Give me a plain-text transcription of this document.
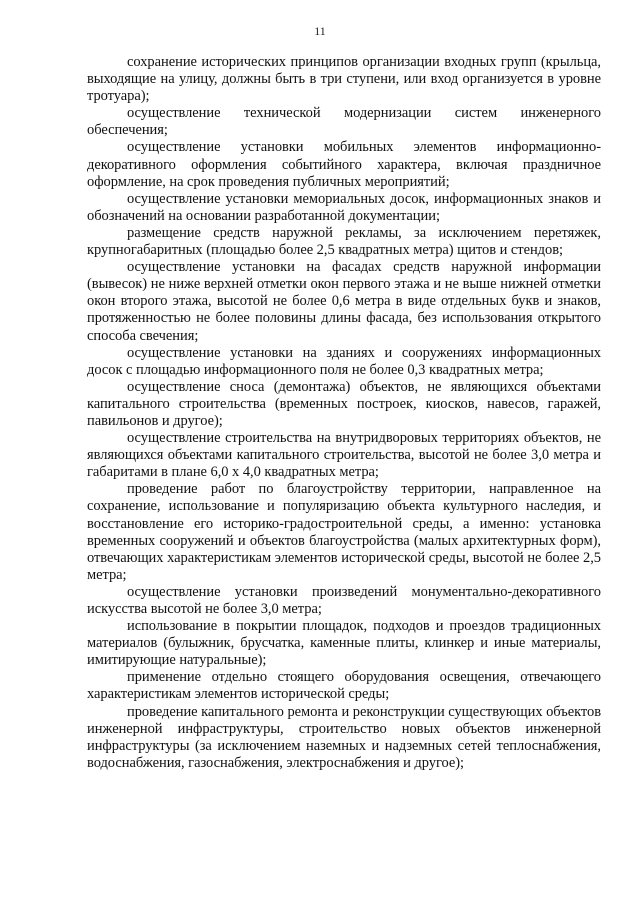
11

сохранение исторических принципов организации входных групп (крыльца, выходящие на улицу, должны быть в три ступени, или вход организуется в уровне тротуара);

осуществление технической модернизации систем инженерного обеспечения;

осуществление установки мобильных элементов информационно-декоративного оформления событийного характера, включая праздничное оформление, на срок проведения публичных мероприятий;

осуществление установки мемориальных досок, информационных знаков и обозначений на основании разработанной документации;

размещение средств наружной рекламы, за исключением перетяжек, крупногабаритных (площадью более 2,5 квадратных метра) щитов и стендов;

осуществление установки на фасадах средств наружной информации (вывесок) не ниже верхней отметки окон первого этажа и не выше нижней отметки окон второго этажа, высотой не более 0,6 метра в виде отдельных букв и знаков, протяженностью не более половины длины фасада, без использования открытого способа свечения;

осуществление установки на зданиях и сооружениях информационных досок с площадью информационного поля не более 0,3 квадратных метра;

осуществление сноса (демонтажа) объектов, не являющихся объектами капитального строительства (временных построек, киосков, навесов, гаражей, павильонов и другое);

осуществление строительства на внутридворовых территориях объектов, не являющихся объектами капитального строительства, высотой не более 3,0 метра и габаритами в плане 6,0 х 4,0 квадратных метра;

проведение работ по благоустройству территории, направленное на сохранение, использование и популяризацию объекта культурного наследия, и восстановление его историко-градостроительной среды, а именно: установка временных сооружений и объектов благоустройства (малых архитектурных форм), отвечающих характеристикам элементов исторической среды, высотой не более 2,5 метра;

осуществление установки произведений монументально-декоративного искусства высотой не более 3,0 метра;

использование в покрытии площадок, подходов и проездов традиционных материалов (булыжник, брусчатка, каменные плиты, клинкер и иные материалы, имитирующие натуральные);

применение отдельно стоящего оборудования освещения, отвечающего характеристикам элементов исторической среды;

проведение капитального ремонта и реконструкции существующих объектов инженерной инфраструктуры, строительство новых объектов инженерной инфраструктуры (за исключением наземных и надземных сетей теплоснабжения, водоснабжения, газоснабжения, электроснабжения и другое);
